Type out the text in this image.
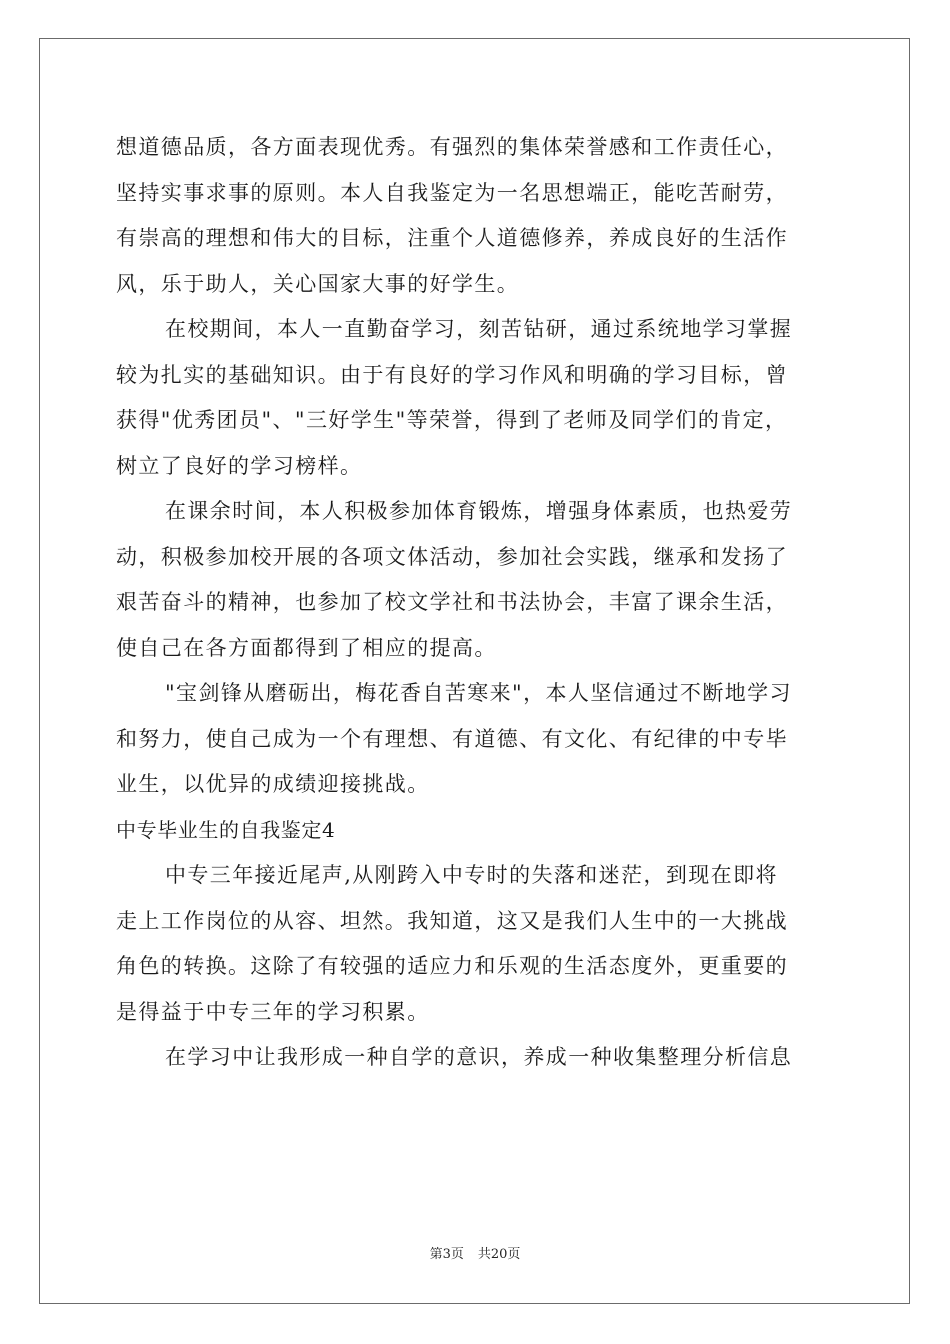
想道德品质，各方面表现优秀。有强烈的集体荣誉感和工作责任心，
坚持实事求事的原则。本人自我鉴定为一名思想端正，能吃苦耐劳，
有崇高的理想和伟大的目标，注重个人道德修养，养成良好的生活作
风，乐于助人，关心国家大事的好学生。
在校期间，本人一直勤奋学习，刻苦钻研，通过系统地学习掌握
较为扎实的基础知识。由于有良好的学习作风和明确的学习目标，曾
获得"优秀团员"、"三好学生"等荣誉，得到了老师及同学们的肯定，
树立了良好的学习榜样。
在课余时间，本人积极参加体育锻炼，增强身体素质，也热爱劳
动，积极参加校开展的各项文体活动，参加社会实践，继承和发扬了
艰苦奋斗的精神，也参加了校文学社和书法协会，丰富了课余生活，
使自己在各方面都得到了相应的提高。
"宝剑锋从磨砺出，梅花香自苦寒来"，本人坚信通过不断地学习
和努力，使自己成为一个有理想、有道德、有文化、有纪律的中专毕
业生，以优异的成绩迎接挑战。
中专毕业生的自我鉴定4
中专三年接近尾声,从刚跨入中专时的失落和迷茫，到现在即将
走上工作岗位的从容、坦然。我知道，这又是我们人生中的一大挑战
角色的转换。这除了有较强的适应力和乐观的生活态度外，更重要的
是得益于中专三年的学习积累。
在学习中让我形成一种自学的意识，养成一种收集整理分析信息
第3页 共20页
